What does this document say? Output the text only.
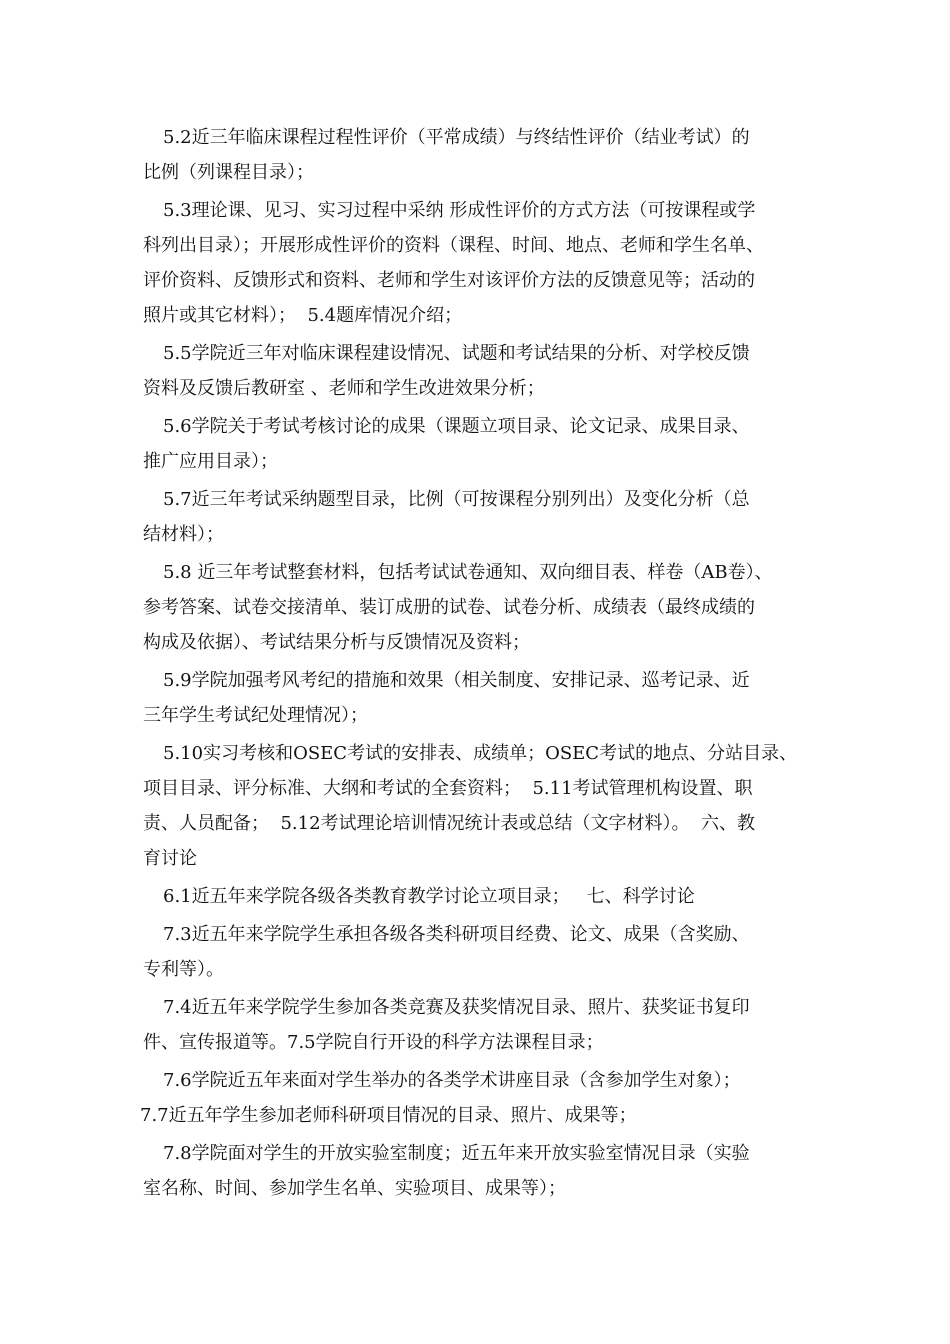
5.2近三年临床课程过程性评价（平常成绩）与终结性评价（结业考试）的
比例（列课程目录）；
5.3理论课、见习、实习过程中采纳 形成性评价的方式方法（可按课程或学
科列出目录）；开展形成性评价的资料（课程、时间、地点、老师和学生名单、
评价资料、反馈形式和资料、老师和学生对该评价方法的反馈意见等；活动的
照片或其它材料）；  5.4题库情况介绍；
5.5学院近三年对临床课程建设情况、试题和考试结果的分析、对学校反馈
资料及反馈后教研室 、老师和学生改进效果分析；
5.6学院关于考试考核讨论的成果（课题立项目录、论文记录、成果目录、
推广应用目录）；
5.7近三年考试采纳题型目录，比例（可按课程分别列出）及变化分析（总
结材料）；
5.8 近三年考试整套材料，包括考试试卷通知、双向细目表、样卷（AB卷）、
参考答案、试卷交接清单、装订成册的试卷、试卷分析、成绩表（最终成绩的
构成及依据）、考试结果分析与反馈情况及资料；
5.9学院加强考风考纪的措施和效果（相关制度、安排记录、巡考记录、近
三年学生考试纪处理情况）；
5.10实习考核和OSEC考试的安排表、成绩单；OSEC考试的地点、分站目录、
项目目录、评分标准、大纲和考试的全套资料；  5.11考试管理机构设置、职
责、人员配备；  5.12考试理论培训情况统计表或总结（文字材料）。  六、教
育讨论
6.1近五年来学院各级各类教育教学讨论立项目录；   七、科学讨论
7.3近五年来学院学生承担各级各类科研项目经费、论文、成果（含奖励、
专利等）。
7.4近五年来学院学生参加各类竞赛及获奖情况目录、照片、获奖证书复印
件、宣传报道等。7.5学院自行开设的科学方法课程目录；
7.6学院近五年来面对学生举办的各类学术讲座目录（含参加学生对象）；
7.7近五年学生参加老师科研项目情况的目录、照片、成果等；
7.8学院面对学生的开放实验室制度；近五年来开放实验室情况目录（实验
室名称、时间、参加学生名单、实验项目、成果等）；
